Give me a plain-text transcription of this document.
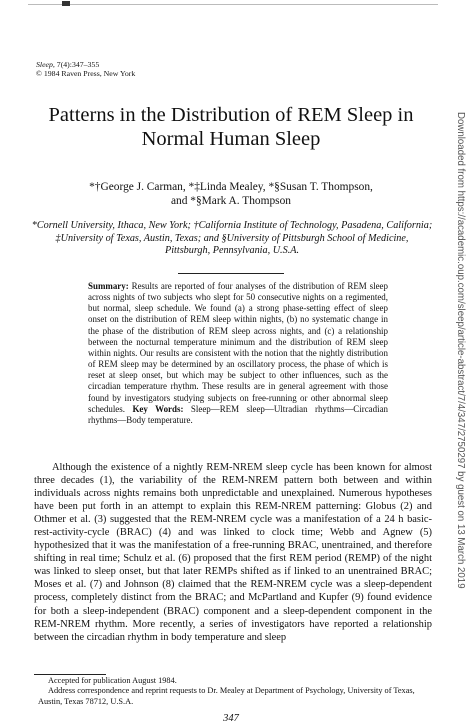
Sleep, 7(4):347–355
© 1984 Raven Press, New York
Patterns in the Distribution of REM Sleep in
Normal Human Sleep
*†George J. Carman, *‡Linda Mealey, *§Susan T. Thompson,
and *§Mark A. Thompson
*Cornell University, Ithaca, New York; †California Institute of Technology, Pasadena, California;
‡University of Texas, Austin, Texas; and §University of Pittsburgh School of Medicine,
Pittsburgh, Pennsylvania, U.S.A.
Summary: Results are reported of four analyses of the distribution of REM sleep across nights of two subjects who slept for 50 consecutive nights on a regimented, but normal, sleep schedule. We found (a) a strong phase-setting effect of sleep onset on the distribution of REM sleep within nights, (b) no systematic change in the phase of the distribution of REM sleep across nights, and (c) a relationship between the nocturnal temperature minimum and the distribution of REM sleep within nights. Our results are consistent with the notion that the nightly distribution of REM sleep may be determined by an oscillatory process, the phase of which is reset at sleep onset, but which may be subject to other influences, such as the circadian temperature rhythm. These results are in general agreement with those found by investigators studying subjects on free-running or other abnormal sleep schedules. Key Words: Sleep—REM sleep—Ultradian rhythms—Circadian rhythms—Body temperature.
Although the existence of a nightly REM-NREM sleep cycle has been known for almost three decades (1), the variability of the REM-NREM pattern both between and within individuals across nights remains both unpredictable and unexplained. Numerous hypotheses have been put forth in an attempt to explain this REM-NREM patterning: Globus (2) and Othmer et al. (3) suggested that the REM-NREM cycle was a manifestation of a 24 h basic-rest-activity-cycle (BRAC) (4) and was linked to clock time; Webb and Agnew (5) hypothesized that it was the manifestation of a free-running BRAC, unentrained, and therefore shifting in real time; Schulz et al. (6) proposed that the first REM period (REMP) of the night was linked to sleep onset, but that later REMPs shifted as if linked to an unentrained BRAC; Moses et al. (7) and Johnson (8) claimed that the REM-NREM cycle was a sleep-dependent process, completely distinct from the BRAC; and McPartland and Kupfer (9) found evidence for both a sleep-independent (BRAC) component and a sleep-dependent component in the REM-NREM rhythm. More recently, a series of investigators have reported a relationship between the circadian rhythm in body temperature and sleep

Accepted for publication August 1984.

Address correspondence and reprint requests to Dr. Mealey at Department of Psychology, University of Texas, Austin, Texas 78712, U.S.A.

347
Downloaded from https://academic.oup.com/sleep/article-abstract/7/4/347/2750297 by guest on 13 March 2019
